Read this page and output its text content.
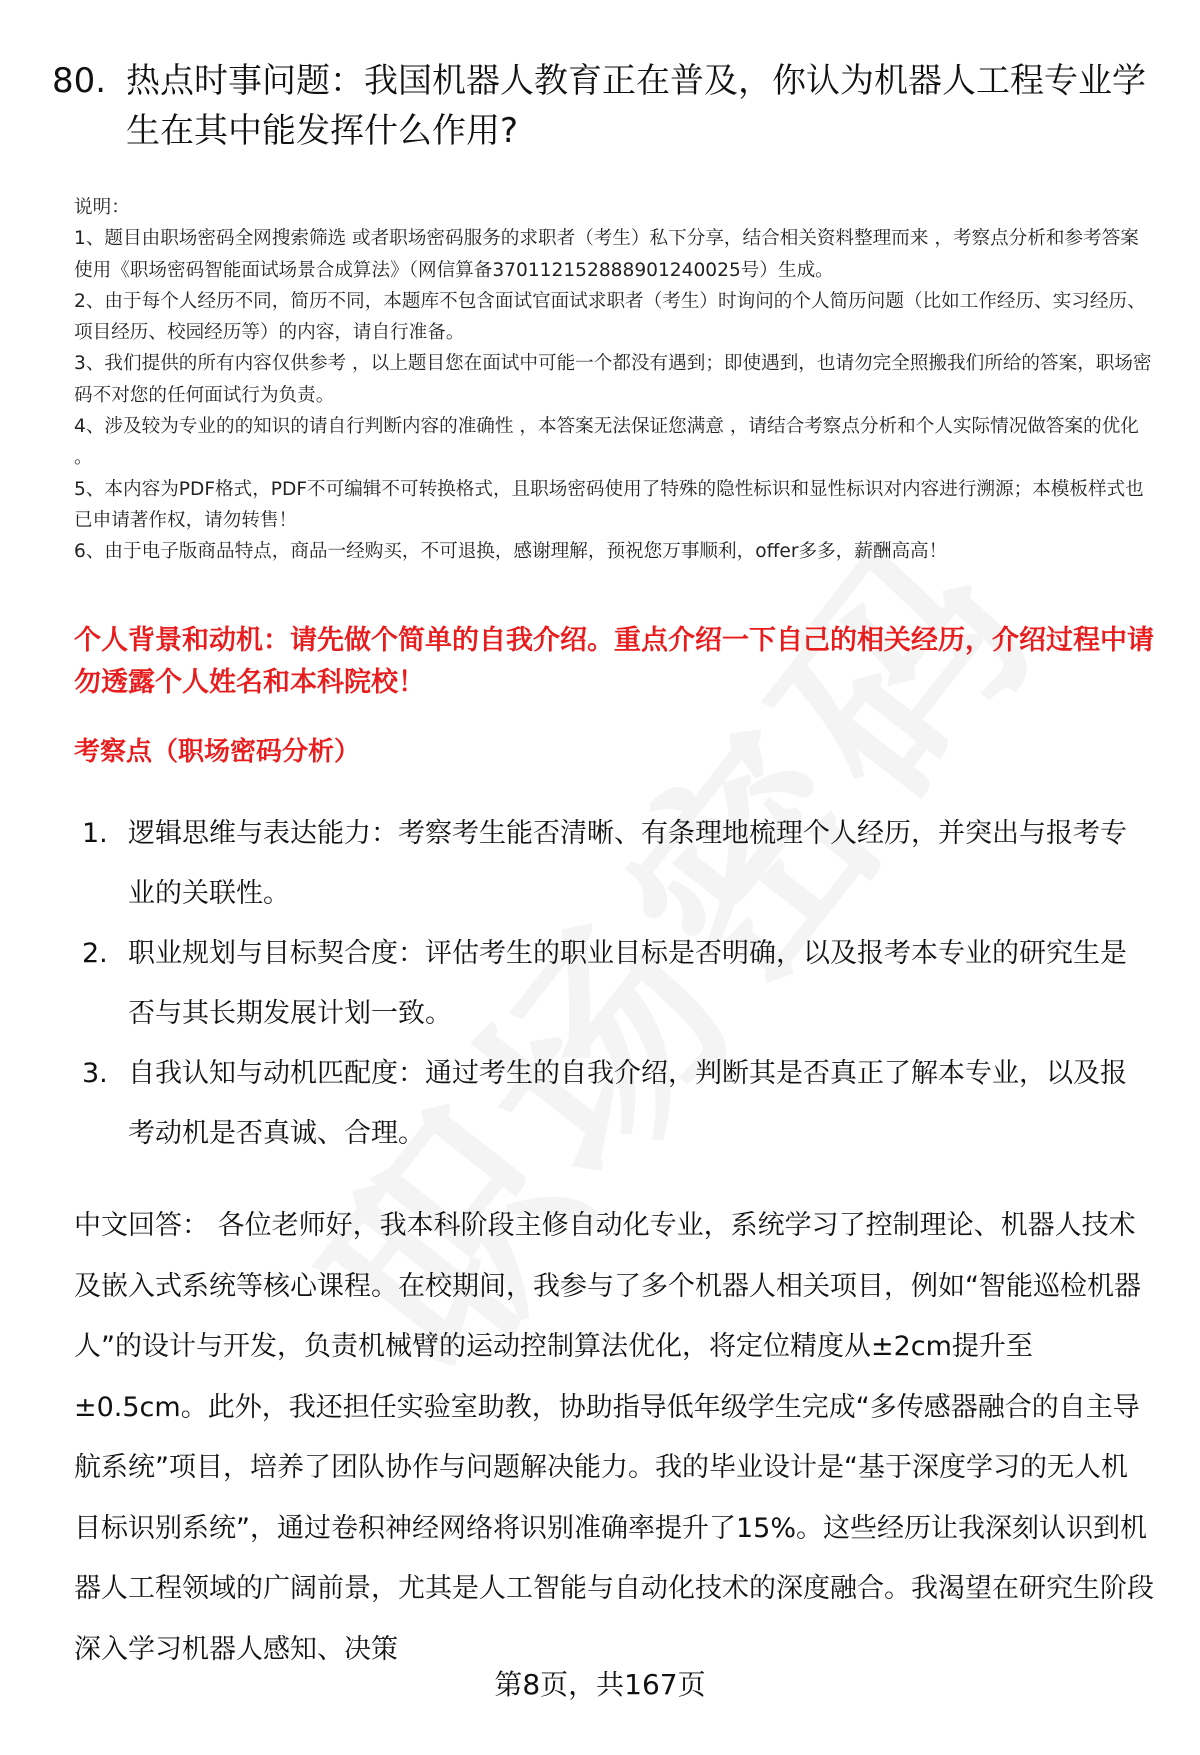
80. 热点时事问题：我国机器人教育正在普及，你认为机器人工程专业学生在其中能发挥什么作用?

说明：

1、题目由职场密码全网搜索筛选 或者职场密码服务的求职者（考生）私下分享，结合相关资料整理而来 ，考察点分析和参考答案使用《职场密码智能面试场景合成算法》（网信算备370112152888901240025号）生成。

2、由于每个人经历不同，简历不同，本题库不包含面试官面试求职者（考生）时询问的个人简历问题（比如工作经历、实习经历、项目经历、校园经历等）的内容，请自行准备。

3、我们提供的所有内容仅供参考 ，以上题目您在面试中可能一个都没有遇到；即使遇到，也请勿完全照搬我们所给的答案，职场密码不对您的任何面试行为负责。

4、涉及较为专业的的知识的请自行判断内容的准确性 ，本答案无法保证您满意 ，请结合考察点分析和个人实际情况做答案的优化 。

5、本内容为PDF格式，PDF不可编辑不可转换格式，且职场密码使用了特殊的隐性标识和显性标识对内容进行溯源；本模板样式也已申请著作权，请勿转售！

6、由于电子版商品特点，商品一经购买，不可退换，感谢理解，预祝您万事顺利，offer多多，薪酬高高！

个人背景和动机：请先做个简单的自我介绍。重点介绍一下自己的相关经历，介绍过程中请勿透露个人姓名和本科院校！
考察点（职场密码分析）
1. 逻辑思维与表达能力：考察考生能否清晰、有条理地梳理个人经历，并突出与报考专业的关联性。
2. 职业规划与目标契合度：评估考生的职业目标是否明确，以及报考本专业的研究生是否与其长期发展计划一致。
3. 自我认知与动机匹配度：通过考生的自我介绍，判断其是否真正了解本专业，以及报考动机是否真诚、合理。

中文回答： 各位老师好，我本科阶段主修自动化专业，系统学习了控制理论、机器人技术及嵌入式系统等核心课程。在校期间，我参与了多个机器人相关项目，例如“智能巡检机器人”的设计与开发，负责机械臂的运动控制算法优化，将定位精度从±2cm提升至±0.5cm。此外，我还担任实验室助教，协助指导低年级学生完成“多传感器融合的自主导航系统”项目，培养了团队协作与问题解决能力。我的毕业设计是“基于深度学习的无人机目标识别系统”，通过卷积神经网络将识别准确率提升了15%。这些经历让我深刻认识到机器人工程领域的广阔前景，尤其是人工智能与自动化技术的深度融合。我渴望在研究生阶段深入学习机器人感知、决策

第8页，共167页
